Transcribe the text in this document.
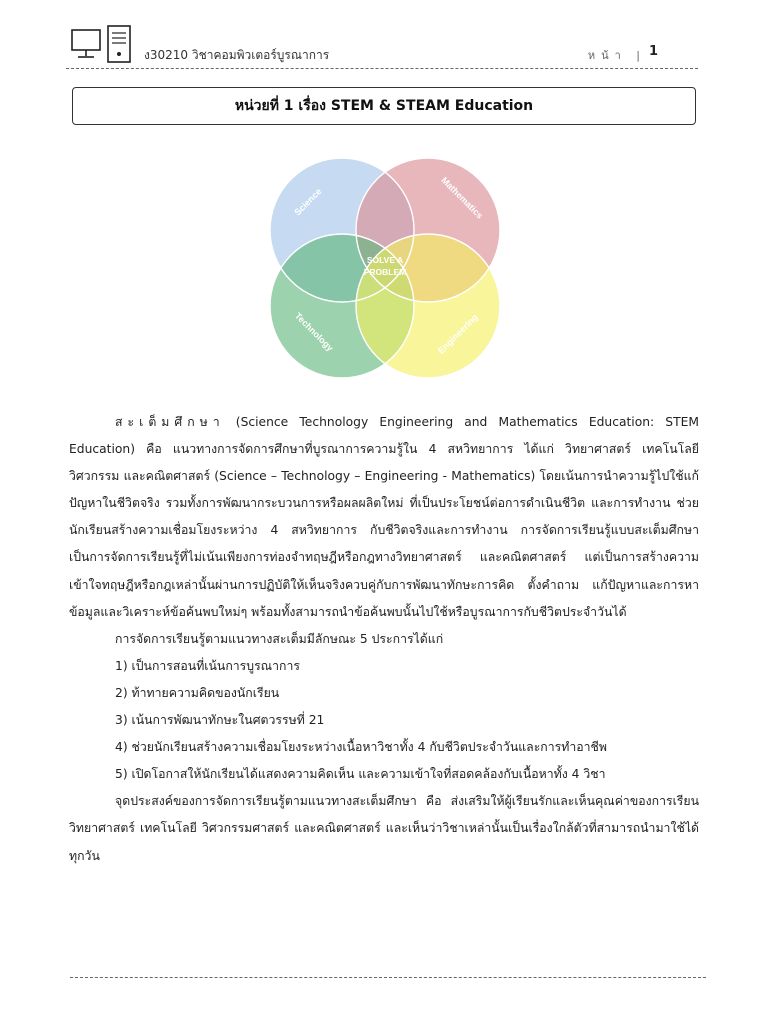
ง30210 วิชาคอมพิวเตอร์บูรณาการ	หน้า | 1
หน่วยที่ 1 เรื่อง STEM & STEAM Education
Science	Mathematics
Technology	Engineering
SOLVE A
PROBLEM

สะเต็มศึกษา (Science Technology Engineering and Mathematics Education: STEM Education) คือ แนวทางการจัดการศึกษาที่บูรณาการความรู้ใน 4 สหวิทยาการ ได้แก่ วิทยาศาสตร์ เทคโนโลยี วิศวกรรม และคณิตศาสตร์ (Science – Technology – Engineering - Mathematics) โดยเน้นการนำความรู้ไปใช้แก้ปัญหาในชีวิตจริง รวมทั้งการพัฒนากระบวนการหรือผลผลิตใหม่ ที่เป็นประโยชน์ต่อการดำเนินชีวิต และการทำงาน ช่วยนักเรียนสร้างความเชื่อมโยงระหว่าง 4 สหวิทยาการ กับชีวิตจริงและการทำงาน การจัดการเรียนรู้แบบสะเต็มศึกษาเป็นการจัดการเรียนรู้ที่ไม่เน้นเพียงการท่องจำทฤษฎีหรือกฎทางวิทยาศาสตร์ และคณิตศาสตร์ แต่เป็นการสร้างความเข้าใจทฤษฎีหรือกฎเหล่านั้นผ่านการปฏิบัติให้เห็นจริงควบคู่กับการพัฒนาทักษะการคิด ตั้งคำถาม แก้ปัญหาและการหาข้อมูลและวิเคราะห์ข้อค้นพบใหม่ๆ พร้อมทั้งสามารถนำข้อค้นพบนั้นไปใช้หรือบูรณาการกับชีวิตประจำวันได้

การจัดการเรียนรู้ตามแนวทางสะเต็มมีลักษณะ 5 ประการได้แก่

1) เป็นการสอนที่เน้นการบูรณาการ

2) ท้าทายความคิดของนักเรียน

3) เน้นการพัฒนาทักษะในศตวรรษที่ 21

4) ช่วยนักเรียนสร้างความเชื่อมโยงระหว่างเนื้อหาวิชาทั้ง 4 กับชีวิตประจำวันและการทำอาชีพ

5) เปิดโอกาสให้นักเรียนได้แสดงความคิดเห็น และความเข้าใจที่สอดคล้องกับเนื้อหาทั้ง 4 วิชา

จุดประสงค์ของการจัดการเรียนรู้ตามแนวทางสะเต็มศึกษา คือ ส่งเสริมให้ผู้เรียนรักและเห็นคุณค่าของการเรียนวิทยาศาสตร์ เทคโนโลยี วิศวกรรมศาสตร์ และคณิตศาสตร์ และเห็นว่าวิชาเหล่านั้นเป็นเรื่องใกล้ตัวที่สามารถนำมาใช้ได้ทุกวัน
